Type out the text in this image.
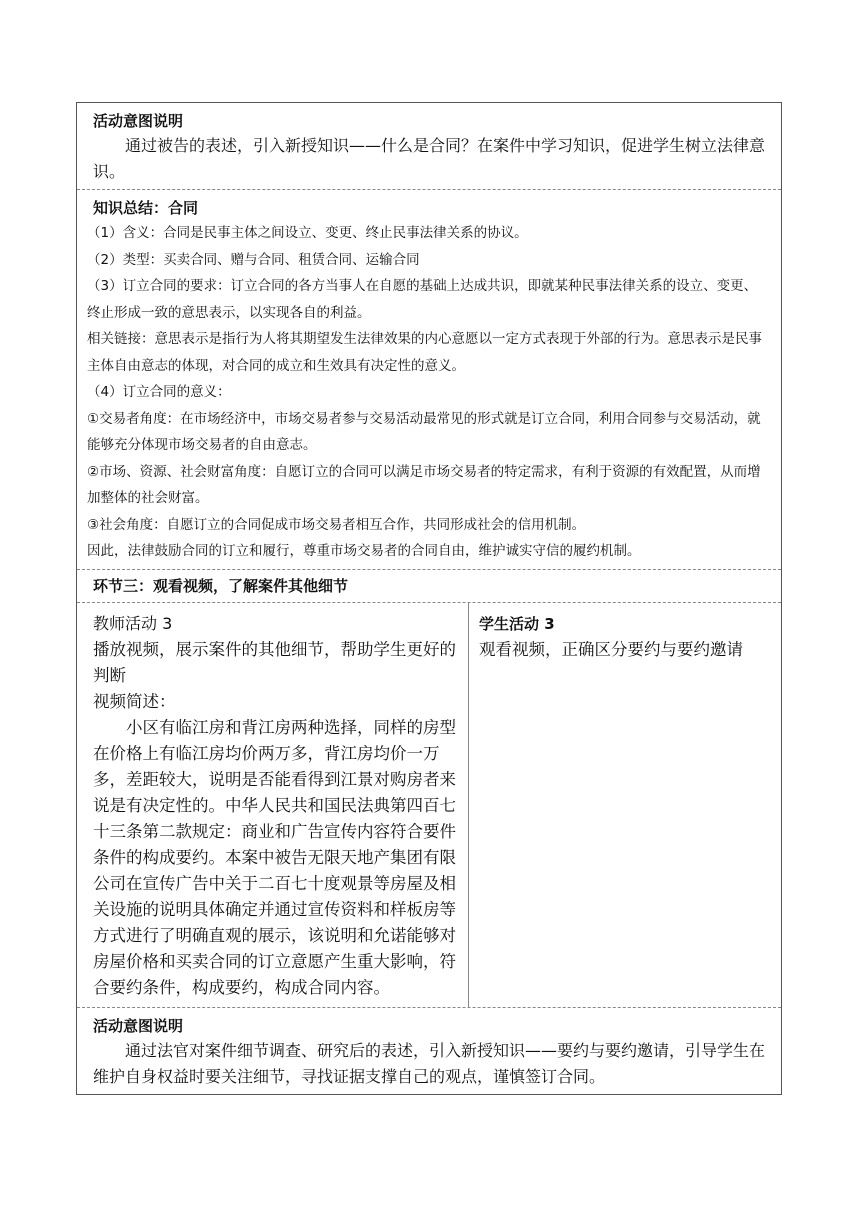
活动意图说明

通过被告的表述，引入新授知识——什么是合同？在案件中学习知识，促进学生树立法律意识。

知识总结：合同

（1）含义：合同是民事主体之间设立、变更、终止民事法律关系的协议。

（2）类型：买卖合同、赠与合同、租赁合同、运输合同

（3）订立合同的要求：订立合同的各方当事人在自愿的基础上达成共识，即就某种民事法律关系的设立、变更、终止形成一致的意思表示，以实现各自的利益。

相关链接：意思表示是指行为人将其期望发生法律效果的内心意愿以一定方式表现于外部的行为。意思表示是民事主体自由意志的体现，对合同的成立和生效具有决定性的意义。

（4）订立合同的意义：

①交易者角度：在市场经济中，市场交易者参与交易活动最常见的形式就是订立合同，利用合同参与交易活动，就能够充分体现市场交易者的自由意志。

②市场、资源、社会财富角度：自愿订立的合同可以满足市场交易者的特定需求，有利于资源的有效配置，从而增加整体的社会财富。

③社会角度：自愿订立的合同促成市场交易者相互合作，共同形成社会的信用机制。

因此，法律鼓励合同的订立和履行，尊重市场交易者的合同自由，维护诚实守信的履约机制。

环节三：观看视频，了解案件其他细节

教师活动 3

播放视频，展示案件的其他细节，帮助学生更好的判断

视频简述：

小区有临江房和背江房两种选择，同样的房型在价格上有临江房均价两万多，背江房均价一万多，差距较大，说明是否能看得到江景对购房者来说是有决定性的。中华人民共和国民法典第四百七十三条第二款规定：商业和广告宣传内容符合要件条件的构成要约。本案中被告无限天地产集团有限公司在宣传广告中关于二百七十度观景等房屋及相关设施的说明具体确定并通过宣传资料和样板房等方式进行了明确直观的展示，该说明和允诺能够对房屋价格和买卖合同的订立意愿产生重大影响，符合要约条件，构成要约，构成合同内容。

学生活动 3

观看视频，正确区分要约与要约邀请

活动意图说明

通过法官对案件细节调查、研究后的表述，引入新授知识——要约与要约邀请，引导学生在维护自身权益时要关注细节，寻找证据支撑自己的观点，谨慎签订合同。
